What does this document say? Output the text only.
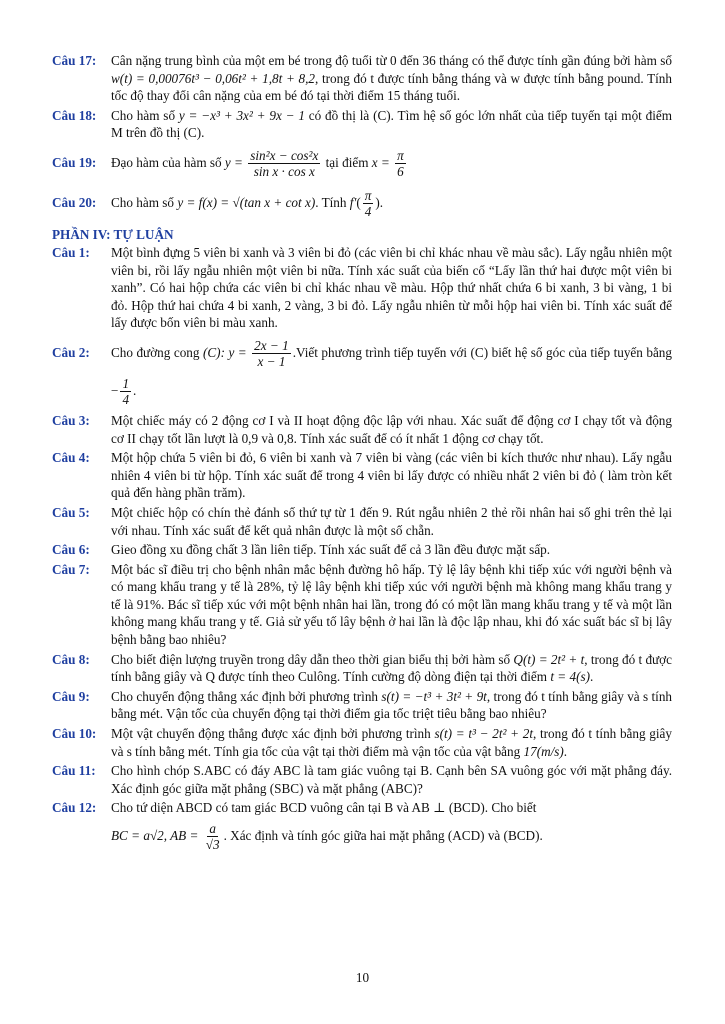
Câu 17:	Cân nặng trung bình của một em bé trong độ tuổi từ 0 đến 36 tháng có thể được tính gần đúng bởi hàm số w(t) = 0,00076t³ − 0,06t² + 1,8t + 8,2, trong đó t được tính bằng tháng và w được tính bằng pound. Tính tốc độ thay đổi cân nặng của em bé đó tại thời điểm 15 tháng tuổi.
Câu 18:	Cho hàm số y = −x³ + 3x² + 9x − 1 có đồ thị là (C). Tìm hệ số góc lớn nhất của tiếp tuyến tại một điểm M trên đồ thị (C).
Câu 19:	Đạo hàm của hàm số $y = \frac{\text{sin²x − cos²x}}{\text{sin x · cos x}}$ tại điểm $x = \frac{\pi}{6}$
Câu 20:	Cho hàm số y = f(x) = √(tan x + cot x). Tính $f'( \frac{\pi}{4}$ ).
PHẦN IV: TỰ LUẬN
Câu 1:	Một bình đựng 5 viên bi xanh và 3 viên bi đỏ (các viên bi chỉ khác nhau về màu sắc). Lấy ngẫu nhiên một viên bi, rồi lấy ngẫu nhiên một viên bi nữa. Tính xác suất của biến cố “Lấy lần thứ hai được một viên bi xanh”. Có hai hộp chứa các viên bi chỉ khác nhau về màu. Hộp thứ nhất chứa 6 bi xanh, 3 bi vàng, 1 bi đỏ. Hộp thứ hai chứa 4 bi xanh, 2 vàng, 3 bi đỏ. Lấy ngẫu nhiên từ mỗi hộp hai viên bi. Tính xác suất để lấy được bốn viên bi màu xanh.
Câu 2:	Cho đường cong (C): $y = \frac{2x - 1}{x - 1}$ .Viết phương trình tiếp tuyến với (C) biết hệ số góc của tiếp tuyến bằng − $\frac{1}{4}$ .
Câu 3:	Một chiếc máy có 2 động cơ I và II hoạt động độc lập với nhau. Xác suất để động cơ I chạy tốt và động cơ II chạy tốt lần lượt là 0,9 và 0,8. Tính xác suất để có ít nhất 1 động cơ chạy tốt.
Câu 4:	Một hộp chứa 5 viên bi đỏ, 6 viên bi xanh và 7 viên bi vàng (các viên bi kích thước như nhau). Lấy ngẫu nhiên 4 viên bi từ hộp. Tính xác suất để trong 4 viên bi lấy được có nhiều nhất 2 viên bi đỏ ( làm tròn kết quả đến hàng phần trăm).
Câu 5:	Một chiếc hộp có chín thẻ đánh số thứ tự từ 1 đến 9. Rút ngẫu nhiên 2 thẻ rồi nhân hai số ghi trên thẻ lại với nhau. Tính xác suất để kết quả nhân được là một số chẵn.
Câu 6:	Gieo đồng xu đồng chất 3 lần liên tiếp. Tính xác suất để cả 3 lần đều được mặt sấp.
Câu 7:	Một bác sĩ điều trị cho bệnh nhân mắc bệnh đường hô hấp. Tỷ lệ lây bệnh khi tiếp xúc với người bệnh và có mang khẩu trang y tế là 28%, tỷ lệ lây bệnh khi tiếp xúc với người bệnh mà không mang khẩu trang y tế là 91%. Bác sĩ tiếp xúc với một bệnh nhân hai lần, trong đó có một lần mang khẩu trang y tế và một lần không mang khẩu trang y tế. Giả sử yếu tố lây bệnh ở hai lần là độc lập nhau, khi đó xác suất bác sĩ bị lây bệnh bằng bao nhiêu?
Câu 8:	Cho biết điện lượng truyền trong dây dẫn theo thời gian biểu thị bởi hàm số Q(t) = 2t² + t, trong đó t được tính bằng giây và Q được tính theo Culông. Tính cường độ dòng điện tại thời điểm t = 4(s).
Câu 9:	Cho chuyển động thẳng xác định bởi phương trình s(t) = −t³ + 3t² + 9t, trong đó t tính bằng giây và s tính bằng mét. Vận tốc của chuyển động tại thời điểm gia tốc triệt tiêu bằng bao nhiêu?
Câu 10:	Một vật chuyển động thẳng được xác định bởi phương trình s(t) = t³ − 2t² + 2t, trong đó t tính bằng giây và s tính bằng mét. Tính gia tốc của vật tại thời điểm mà vận tốc của vật bằng 17(m/s).
Câu 11:	Cho hình chóp S.ABC có đáy ABC là tam giác vuông tại B. Cạnh bên SA vuông góc với mặt phẳng đáy. Xác định góc giữa mặt phẳng (SBC) và mặt phẳng (ABC)?
Câu 12:	Cho tứ diện ABCD có tam giác BCD vuông cân tại B và AB ⊥ (BCD). Cho biết

BC = a√2, AB = $\frac{a}{√3}$ . Xác định và tính góc giữa hai mặt phẳng (ACD) và (BCD).

10
